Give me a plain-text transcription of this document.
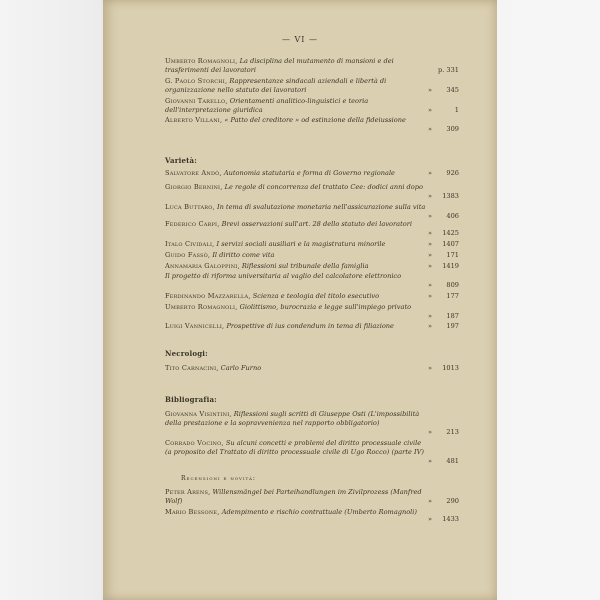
— VI —
Umberto Romagnoli, La disciplina del mutamento di mansioni e dei trasferimenti dei lavoratori	p. 331
G. Paolo Storchi, Rappresentanze sindacali aziendali e libertà di organizzazione nello statuto dei lavoratori	»	345
Giovanni Tarello, Orientamenti analitico-linguistici e teoria dell'interpretazione giuridica	»	1
Alberto Villani, « Patto del creditore » od estinzione della fideiussione
»	309
Varietà:
Salvatore Andò, Autonomia statutaria e forma di Governo regionale	»	926
Giorgio Bernini, Le regole di concorrenza del trattato Cee: dodici anni dopo
»	1383
Luca Buttaro, In tema di svalutazione monetaria nell'assicurazione sulla vita
»	406
Federico Carpi, Brevi osservazioni sull'art. 28 dello statuto dei lavoratori
»	1425
Italo Cividali, I servizi sociali ausiliari e la magistratura minorile	»	1407
Guido Fassò, Il diritto come vita	»	171
Annamaria Galoppini, Riflessioni sul tribunale della famiglia	»	1419
Il progetto di riforma universitaria al vaglio del calcolatore elettronico
»	809
Ferdinando Mazzarella, Scienza e teologia del titolo esecutivo	»	177
Umberto Romagnoli, Giolittismo, burocrazia e legge sull'impiego privato
»	187
Luigi Vannicelli, Prospettive di ius condendum in tema di filiazione	»	197
Necrologi:
Tito Carnacini, Carlo Furno	»	1013
Bibliografia:
Giovanna Visintini, Riflessioni sugli scritti di Giuseppe Osti (L'impossibilità della prestazione e la sopravvenienza nel rapporto obbligatorio)
»	213
Corrado Vocino, Su alcuni concetti e problemi del diritto processuale civile (a proposito del Trattato di diritto processuale civile di Ugo Rocco) (parte IV)
»	481
Recensioni e novità:
Peter Arens, Willensmängel bei Parteihandlungen im Zivilprozess (Manfred Wolf)	»	290
Mario Bessone, Adempimento e rischio contrattuale (Umberto Romagnoli)
»	1433
